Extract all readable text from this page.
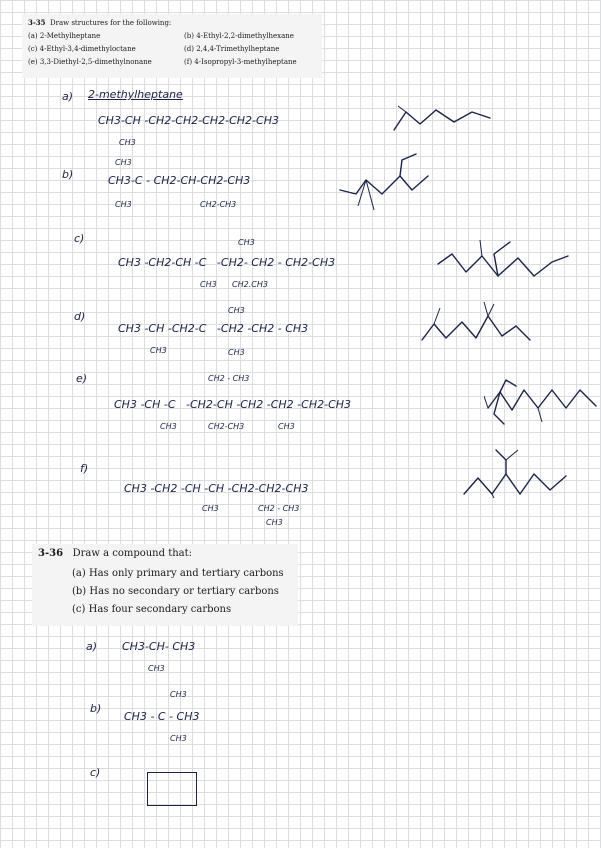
3-35 Draw structures for the following:
(a) 2-Methylheptane	(b) 4-Ethyl-2,2-dimethylhexane
(c) 4-Ethyl-3,4-dimethyloctane	(d) 2,4,4-Trimethylheptane
(e) 3,3-Diethyl-2,5-dimethylnonane	(f) 4-Isopropyl-3-methylheptane
a) 2-methylheptane
CH3-CH -CH2-CH2-CH2-CH2-CH3
CH3
b)
CH3
CH3-C - CH2-CH-CH2-CH3
CH3	CH2-CH3
c)	CH3
CH3 -CH2-CH -C   -CH2- CH2 - CH2-CH3
CH3 CH2.CH3
d)	CH3
CH3 -CH -CH2-C   -CH2 -CH2 - CH3
CH3	CH3
e)	CH2 - CH3
CH3 -CH -C   -CH2-CH -CH2 -CH2 -CH2-CH3
CH3	CH2-CH3	CH3
f)
CH3 -CH2 -CH -CH -CH2-CH2-CH3
CH3	CH2 - CH3
CH3
3-36 Draw a compound that:
(a) Has only primary and tertiary carbons
(b) Has no secondary or tertiary carbons
(c) Has four secondary carbons
a) CH3-CH- CH3
CH3
b)
CH3
CH3 - C - CH3
CH3
c)
